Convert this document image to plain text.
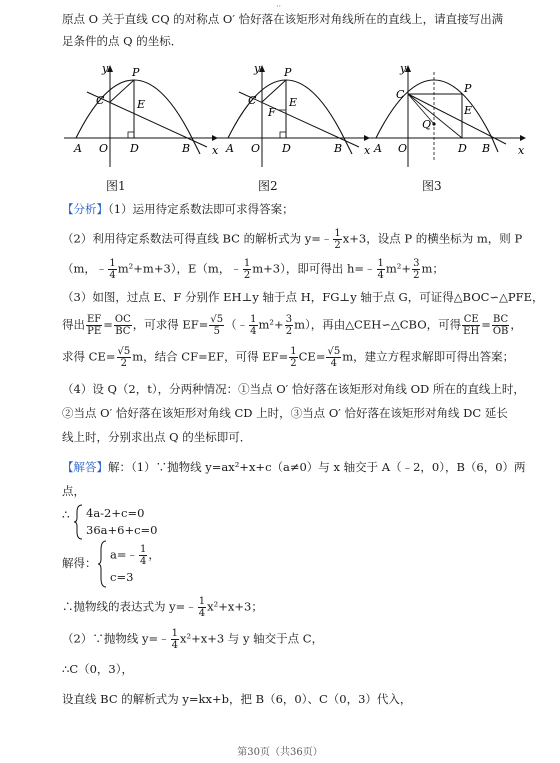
··
原点 O 关于直线 CQ 的对称点 O′ 恰好落在该矩形对角线所在的直线上，请直接写出满
足条件的点 Q 的坐标．
y
x
P
C	E
A O D	B
图1
y
x
P
C	E
F
A O D	B
图2
y
x
P
C
E
Q
A O	D B
图3
【分析】（1）运用待定系数法即可求得答案；
（2）利用待定系数法可得直线 BC 的解析式为 y=﹣ $\frac{1}{2} x+3$，设点 P 的横坐标为 m，则 P
（m，﹣ $\frac{1}{4} m^2+m+3$），E（m，﹣ $\frac{1}{2} m+3$），即可得出 h=﹣ $\frac{1}{4} m^2+ \frac{3}{2}$ m；
（3）如图，过点 E、F 分别作 EH⊥y 轴于点 H，FG⊥y 轴于点 G，可证得△BOC∽△PFE，
得出 $\frac{EF}{PE} = \frac{OC}{BC}$ ，可求得 $EF= \frac{√5}{5}$ （﹣ $\frac{1}{4} m^2+ \frac{3}{2} m$），再由△CEH∽△CBO，可得 $\frac{CE}{EH} = \frac{BC}{OB}$ ，
求得 $CE= \frac{√5}{2}$ m，结合 CF=EF，可得 $EF= \frac{1}{2} CE= \frac{√5}{4}$ m，建立方程求解即可得出答案；
（4）设 Q（2，t），分两种情况：①当点 O′ 恰好落在该矩形对角线 OD 所在的直线上时，
②当点 O′ 恰好落在该矩形对角线 CD 上时，③当点 O′ 恰好落在该矩形对角线 DC 延长
线上时，分别求出点 Q 的坐标即可．
【解答】解：（1）∵抛物线 y=ax²+x+c（a≠0）与 x 轴交于 A（﹣2，0），B（6，0）两
点，
∴ 4a-2+c=0
36a+6+c=0
解得：
a=﹣ $\frac{1}{4}$ ，
c=3
∴抛物线的表达式为 y=﹣ $\frac{1}{4} x^2+x+3$；
（2）∵抛物线 y=﹣ $\frac{1}{4} x^2+x+3$ 与 y 轴交于点 C，
∴C（0，3），
设直线 BC 的解析式为 y=kx+b，把 B（6，0）、C（0，3）代入，
第30页（共36页）
